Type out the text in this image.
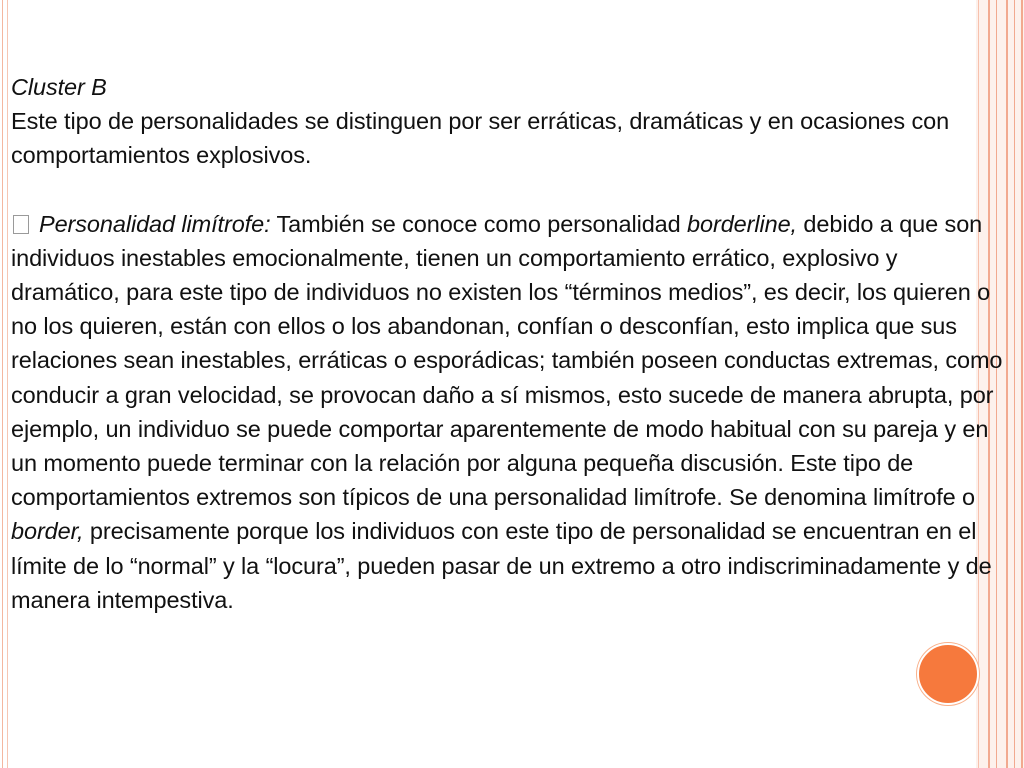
Cluster B

Este tipo de personalidades se distinguen por ser erráticas, dramáticas y en ocasiones con comportamientos explosivos.

Personalidad limítrofe: También se conoce como personalidad borderline, debido a que son individuos inestables emocionalmente, tienen un comportamiento errático, explosivo y dramático, para este tipo de individuos no existen los “términos medios”, es decir, los quieren o no los quieren, están con ellos o los abandonan, confían o desconfían, esto implica que sus relaciones sean inestables, erráticas o esporádicas; también poseen conductas extremas, como conducir a gran velocidad, se provocan daño a sí mismos, esto sucede de manera abrupta, por ejemplo, un individuo se puede comportar aparentemente de modo habitual con su pareja y en un momento puede terminar con la relación por alguna pequeña discusión. Este tipo de comportamientos extremos son típicos de una personalidad limítrofe. Se denomina limítrofe o border, precisamente porque los individuos con este tipo de personalidad se encuentran en el límite de lo “normal” y la “locura”, pueden pasar de un extremo a otro indiscriminadamente y de manera intempestiva.
